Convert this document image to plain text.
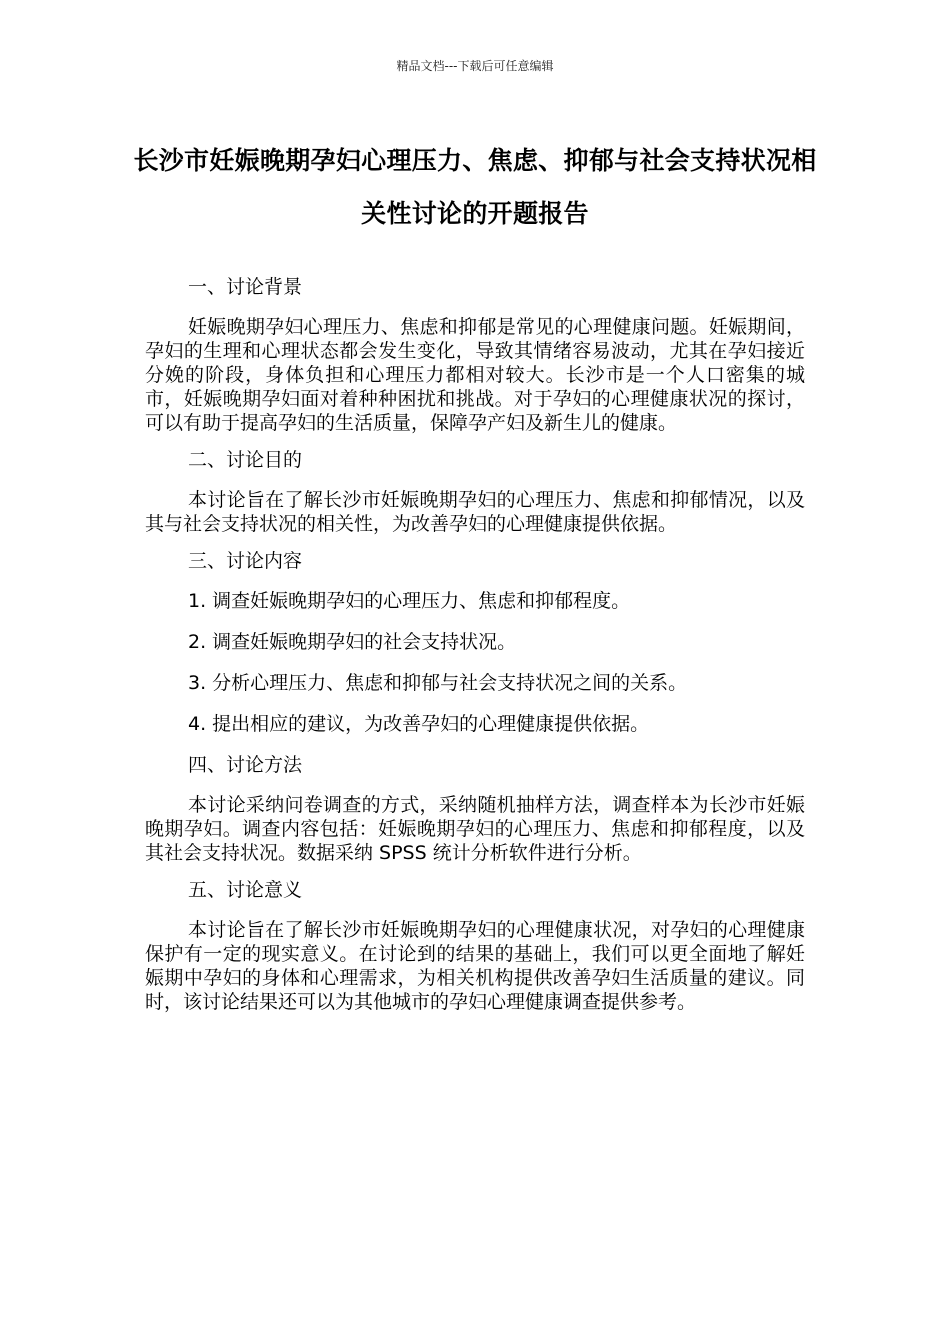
精品文档---下载后可任意编辑
长沙市妊娠晚期孕妇心理压力、焦虑、抑郁与社会支持状况相关性讨论的开题报告

一、讨论背景

妊娠晚期孕妇心理压力、焦虑和抑郁是常见的心理健康问题。妊娠期间，孕妇的生理和心理状态都会发生变化，导致其情绪容易波动，尤其在孕妇接近分娩的阶段，身体负担和心理压力都相对较大。长沙市是一个人口密集的城市，妊娠晚期孕妇面对着种种困扰和挑战。对于孕妇的心理健康状况的探讨，可以有助于提高孕妇的生活质量，保障孕产妇及新生儿的健康。

二、讨论目的

本讨论旨在了解长沙市妊娠晚期孕妇的心理压力、焦虑和抑郁情况，以及其与社会支持状况的相关性，为改善孕妇的心理健康提供依据。

三、讨论内容

1. 调查妊娠晚期孕妇的心理压力、焦虑和抑郁程度。

2. 调查妊娠晚期孕妇的社会支持状况。

3. 分析心理压力、焦虑和抑郁与社会支持状况之间的关系。

4. 提出相应的建议，为改善孕妇的心理健康提供依据。

四、讨论方法

本讨论采纳问卷调查的方式，采纳随机抽样方法，调查样本为长沙市妊娠晚期孕妇。调查内容包括：妊娠晚期孕妇的心理压力、焦虑和抑郁程度，以及其社会支持状况。数据采纳 SPSS 统计分析软件进行分析。

五、讨论意义

本讨论旨在了解长沙市妊娠晚期孕妇的心理健康状况，对孕妇的心理健康保护有一定的现实意义。在讨论到的结果的基础上，我们可以更全面地了解妊娠期中孕妇的身体和心理需求，为相关机构提供改善孕妇生活质量的建议。同时，该讨论结果还可以为其他城市的孕妇心理健康调查提供参考。
